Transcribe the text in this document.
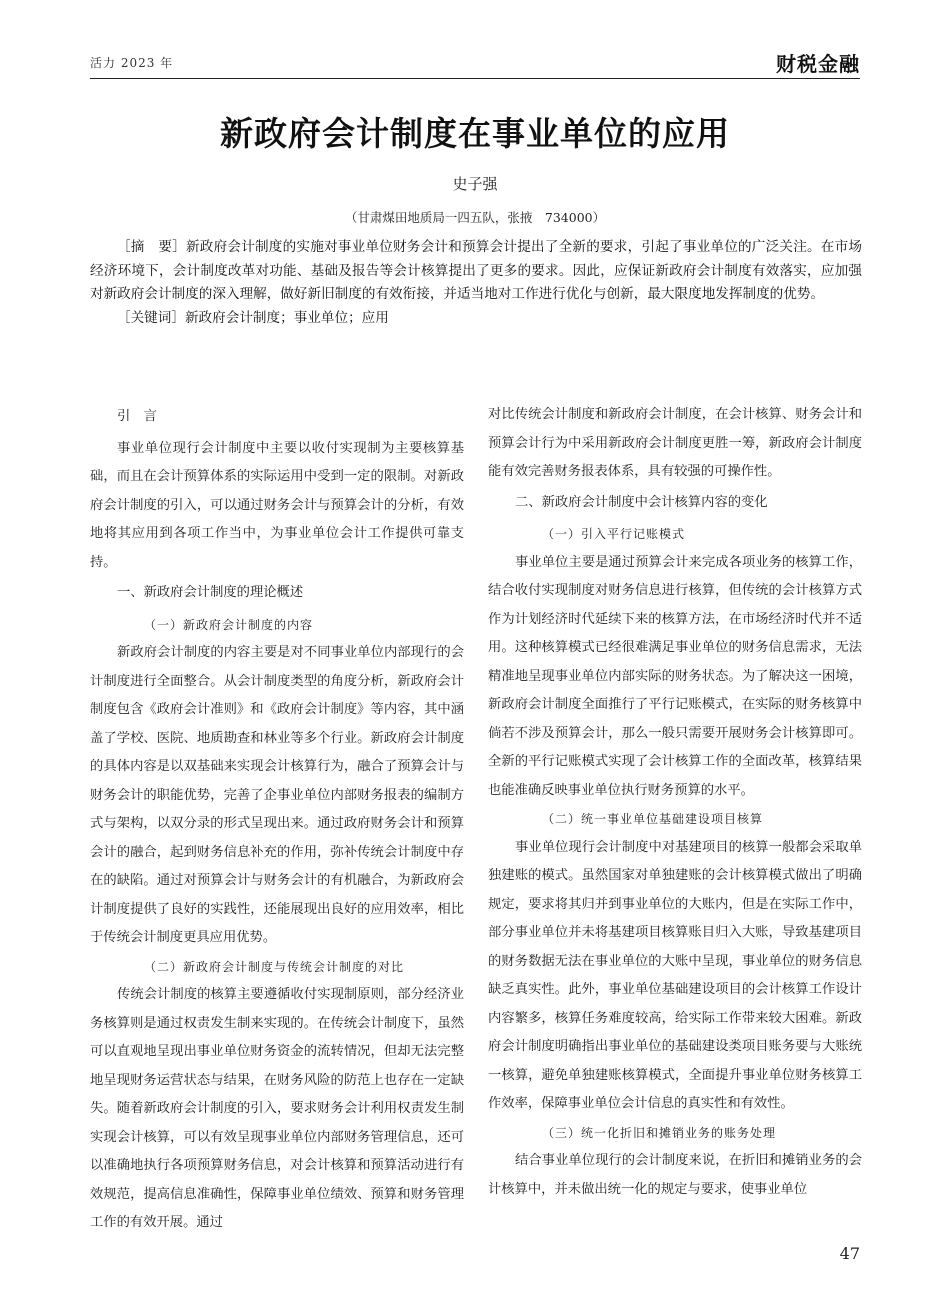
活力 2023 年	财税金融
新政府会计制度在事业单位的应用
史子强
（甘肃煤田地质局一四五队，张掖　734000）

［摘　要］新政府会计制度的实施对事业单位财务会计和预算会计提出了全新的要求，引起了事业单位的广泛关注。在市场经济环境下，会计制度改革对功能、基础及报告等会计核算提出了更多的要求。因此，应保证新政府会计制度有效落实，应加强对新政府会计制度的深入理解，做好新旧制度的有效衔接，并适当地对工作进行优化与创新，最大限度地发挥制度的优势。

［关键词］新政府会计制度；事业单位；应用

引　言

事业单位现行会计制度中主要以收付实现制为主要核算基础，而且在会计预算体系的实际运用中受到一定的限制。对新政府会计制度的引入，可以通过财务会计与预算会计的分析，有效地将其应用到各项工作当中，为事业单位会计工作提供可靠支持。

一、新政府会计制度的理论概述

（一）新政府会计制度的内容

新政府会计制度的内容主要是对不同事业单位内部现行的会计制度进行全面整合。从会计制度类型的角度分析，新政府会计制度包含《政府会计准则》和《政府会计制度》等内容，其中涵盖了学校、医院、地质勘查和林业等多个行业。新政府会计制度的具体内容是以双基础来实现会计核算行为，融合了预算会计与财务会计的职能优势，完善了企事业单位内部财务报表的编制方式与架构，以双分录的形式呈现出来。通过政府财务会计和预算会计的融合，起到财务信息补充的作用，弥补传统会计制度中存在的缺陷。通过对预算会计与财务会计的有机融合，为新政府会计制度提供了良好的实践性，还能展现出良好的应用效率，相比于传统会计制度更具应用优势。

（二）新政府会计制度与传统会计制度的对比

传统会计制度的核算主要遵循收付实现制原则，部分经济业务核算则是通过权责发生制来实现的。在传统会计制度下，虽然可以直观地呈现出事业单位财务资金的流转情况，但却无法完整地呈现财务运营状态与结果，在财务风险的防范上也存在一定缺失。随着新政府会计制度的引入，要求财务会计利用权责发生制实现会计核算，可以有效呈现事业单位内部财务管理信息，还可以准确地执行各项预算财务信息，对会计核算和预算活动进行有效规范，提高信息准确性，保障事业单位绩效、预算和财务管理工作的有效开展。通过

对比传统会计制度和新政府会计制度，在会计核算、财务会计和预算会计行为中采用新政府会计制度更胜一筹，新政府会计制度能有效完善财务报表体系，具有较强的可操作性。

二、新政府会计制度中会计核算内容的变化

（一）引入平行记账模式

事业单位主要是通过预算会计来完成各项业务的核算工作，结合收付实现制度对财务信息进行核算，但传统的会计核算方式作为计划经济时代延续下来的核算方法，在市场经济时代并不适用。这种核算模式已经很难满足事业单位的财务信息需求，无法精准地呈现事业单位内部实际的财务状态。为了解决这一困境，新政府会计制度全面推行了平行记账模式，在实际的财务核算中倘若不涉及预算会计，那么一般只需要开展财务会计核算即可。全新的平行记账模式实现了会计核算工作的全面改革，核算结果也能准确反映事业单位执行财务预算的水平。

（二）统一事业单位基础建设项目核算

事业单位现行会计制度中对基建项目的核算一般都会采取单独建账的模式。虽然国家对单独建账的会计核算模式做出了明确规定，要求将其归并到事业单位的大账内，但是在实际工作中，部分事业单位并未将基建项目核算账目归入大账，导致基建项目的财务数据无法在事业单位的大账中呈现，事业单位的财务信息缺乏真实性。此外，事业单位基础建设项目的会计核算工作设计内容繁多，核算任务难度较高，给实际工作带来较大困难。新政府会计制度明确指出事业单位的基础建设类项目账务要与大账统一核算，避免单独建账核算模式，全面提升事业单位财务核算工作效率，保障事业单位会计信息的真实性和有效性。

（三）统一化折旧和摊销业务的账务处理

结合事业单位现行的会计制度来说，在折旧和摊销业务的会计核算中，并未做出统一化的规定与要求，使事业单位

47
